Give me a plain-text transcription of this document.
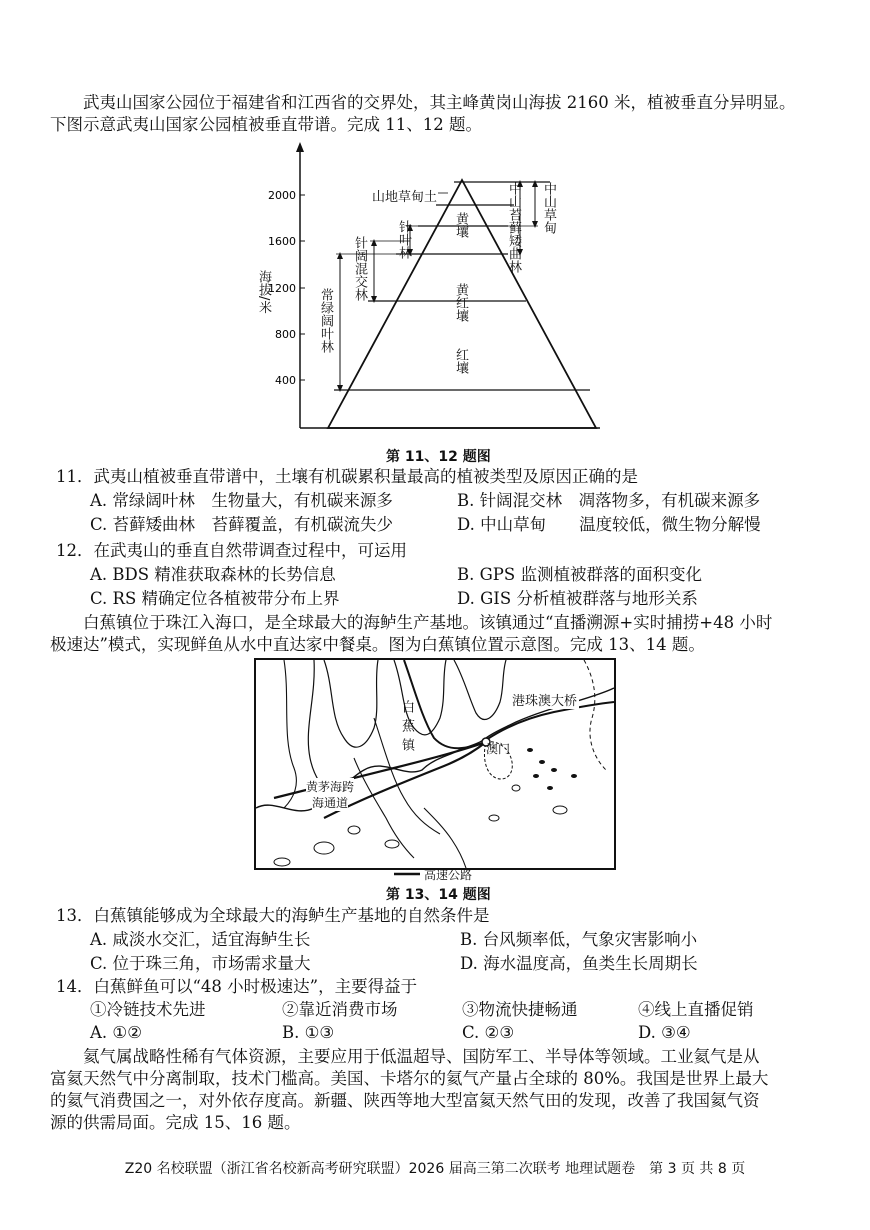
武夷山国家公园位于福建省和江西省的交界处，其主峰黄岗山海拔 2160 米，植被垂直分异明显。
下图示意武夷山国家公园植被垂直带谱。完成 11、12 题。
2000
1600
1200
800
400
海拔/米	常绿阔叶林
针阔混交林 针叶林
山地草甸土	中山苔藓矮曲林 中山草甸
黄壤
黄红壤
红壤
第 11、12 题图
11．武夷山植被垂直带谱中，土壤有机碳累积量最高的植被类型及原因正确的是
A. 常绿阔叶林　生物量大，有机碳来源多	B. 针阔混交林　凋落物多，有机碳来源多
C. 苔藓矮曲林　苔藓覆盖，有机碳流失少	D. 中山草甸　　温度较低，微生物分解慢
12．在武夷山的垂直自然带调查过程中，可运用
A. BDS 精准获取森林的长势信息	B. GPS 监测植被群落的面积变化
C. RS 精确定位各植被带分布上界	D. GIS 分析植被群落与地形关系
白蕉镇位于珠江入海口，是全球最大的海鲈生产基地。该镇通过“直播溯源+实时捕捞+48 小时
极速达”模式，实现鲜鱼从水中直达家中餐桌。图为白蕉镇位置示意图。完成 13、14 题。
港珠澳大桥
白蕉镇	澳门
黄茅海跨
海通道
高速公路
第 13、14 题图
13．白蕉镇能够成为全球最大的海鲈生产基地的自然条件是
A. 咸淡水交汇，适宜海鲈生长	B. 台风频率低，气象灾害影响小
C. 位于珠三角，市场需求量大	D. 海水温度高，鱼类生长周期长
14．白蕉鲜鱼可以“48 小时极速达”，主要得益于
①冷链技术先进	②靠近消费市场	③物流快捷畅通	④线上直播促销
A. ①②	B. ①③	C. ②③	D. ③④
氦气属战略性稀有气体资源，主要应用于低温超导、国防军工、半导体等领域。工业氦气是从
富氦天然气中分离制取，技术门槛高。美国、卡塔尔的氦气产量占全球的 80%。我国是世界上最大
的氦气消费国之一，对外依存度高。新疆、陕西等地大型富氦天然气田的发现，改善了我国氦气资
源的供需局面。完成 15、16 题。
Z20 名校联盟（浙江省名校新高考研究联盟）2026 届高三第二次联考 地理试题卷　第 3 页 共 8 页
